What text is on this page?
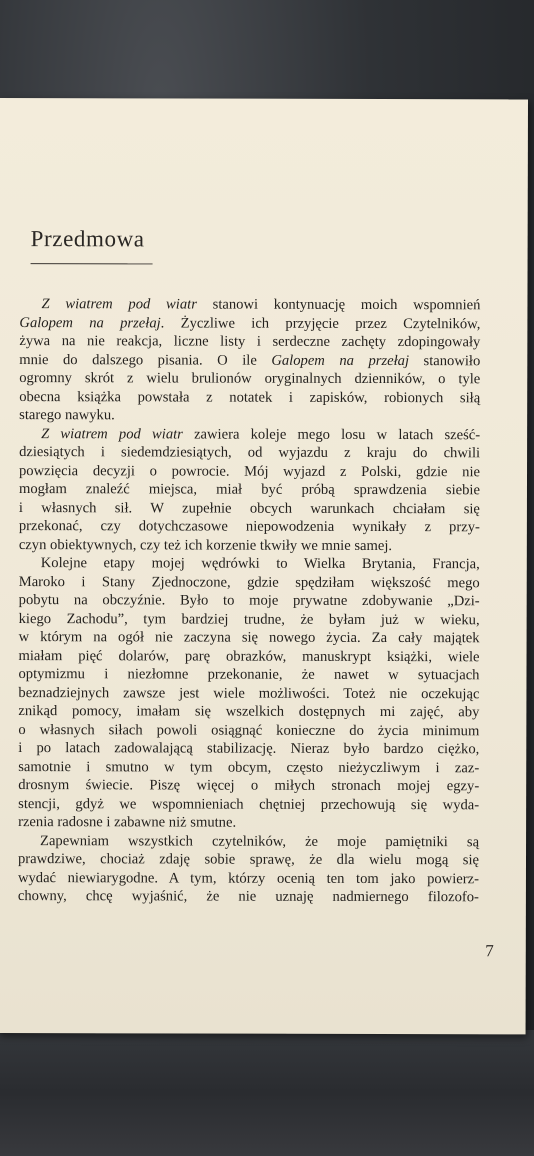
Przedmowa

Z wiatrem pod wiatr stanowi kontynuację moich wspomnień
Galopem na przełaj. Życzliwe ich przyjęcie przez Czytelników,
żywa na nie reakcja, liczne listy i serdeczne zachęty zdopingowały
mnie do dalszego pisania. O ile Galopem na przełaj stanowiło
ogromny skrót z wielu brulionów oryginalnych dzienników, o tyle
obecna książka powstała z notatek i zapisków, robionych siłą
starego nawyku.

Z wiatrem pod wiatr zawiera koleje mego losu w latach sześć-
dziesiątych i siedemdziesiątych, od wyjazdu z kraju do chwili
powzięcia decyzji o powrocie. Mój wyjazd z Polski, gdzie nie
mogłam znaleźć miejsca, miał być próbą sprawdzenia siebie
i własnych sił. W zupełnie obcych warunkach chciałam się
przekonać, czy dotychczasowe niepowodzenia wynikały z przy-
czyn obiektywnych, czy też ich korzenie tkwiły we mnie samej.

Kolejne etapy mojej wędrówki to Wielka Brytania, Francja,
Maroko i Stany Zjednoczone, gdzie spędziłam większość mego
pobytu na obczyźnie. Było to moje prywatne zdobywanie „Dzi-
kiego Zachodu”, tym bardziej trudne, że byłam już w wieku,
w którym na ogół nie zaczyna się nowego życia. Za cały majątek
miałam pięć dolarów, parę obrazków, manuskrypt książki, wiele
optymizmu i niezłomne przekonanie, że nawet w sytuacjach
beznadziejnych zawsze jest wiele możliwości. Toteż nie oczekując
znikąd pomocy, imałam się wszelkich dostępnych mi zajęć, aby
o własnych siłach powoli osiągnąć konieczne do życia minimum
i po latach zadowalającą stabilizację. Nieraz było bardzo ciężko,
samotnie i smutno w tym obcym, często nieżyczliwym i zaz-
drosnym świecie. Piszę więcej o miłych stronach mojej egzy-
stencji, gdyż we wspomnieniach chętniej przechowują się wyda-
rzenia radosne i zabawne niż smutne.

Zapewniam wszystkich czytelników, że moje pamiętniki są
prawdziwe, chociaż zdaję sobie sprawę, że dla wielu mogą się
wydać niewiarygodne. A tym, którzy ocenią ten tom jako powierz-
chowny, chcę wyjaśnić, że nie uznaję nadmiernego filozofo-

7
